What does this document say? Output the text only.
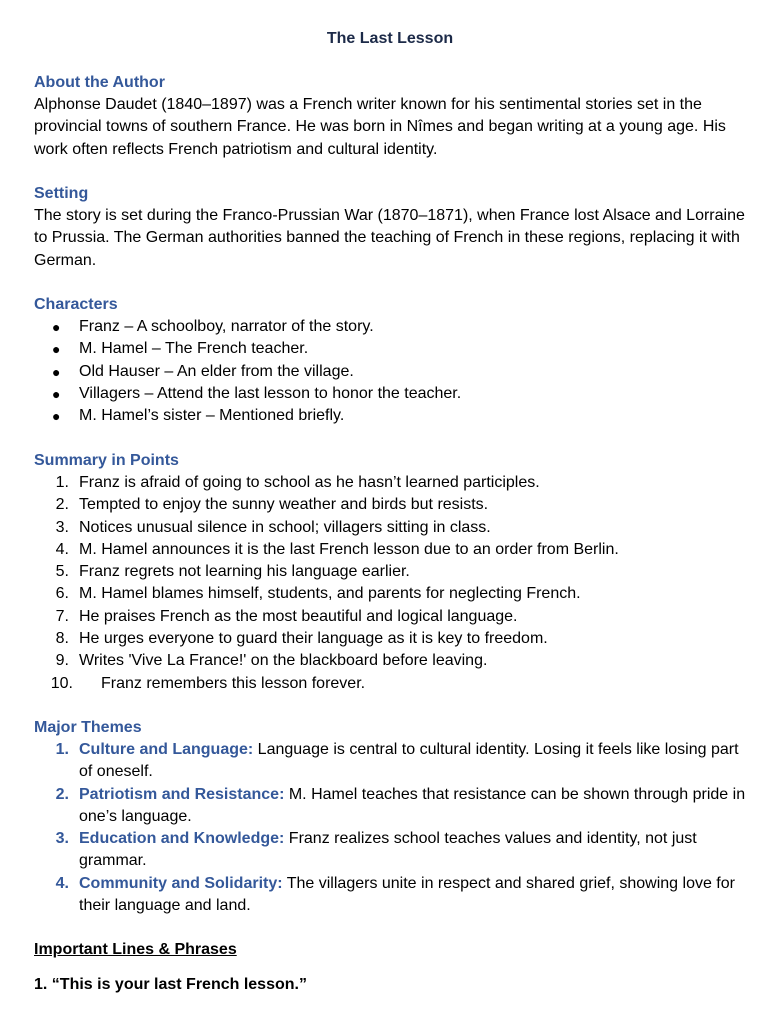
The Last Lesson
About the Author
Alphonse Daudet (1840–1897) was a French writer known for his sentimental stories set in the provincial towns of southern France. He was born in Nîmes and began writing at a young age. His work often reflects French patriotism and cultural identity.
Setting
The story is set during the Franco-Prussian War (1870–1871), when France lost Alsace and Lorraine to Prussia. The German authorities banned the teaching of French in these regions, replacing it with German.
Characters
● Franz – A schoolboy, narrator of the story.
● M. Hamel – The French teacher.
● Old Hauser – An elder from the village.
● Villagers – Attend the last lesson to honor the teacher.
● M. Hamel’s sister – Mentioned briefly.
Summary in Points
1. Franz is afraid of going to school as he hasn’t learned participles.
2. Tempted to enjoy the sunny weather and birds but resists.
3. Notices unusual silence in school; villagers sitting in class.
4. M. Hamel announces it is the last French lesson due to an order from Berlin.
5. Franz regrets not learning his language earlier.
6. M. Hamel blames himself, students, and parents for neglecting French.
7. He praises French as the most beautiful and logical language.
8. He urges everyone to guard their language as it is key to freedom.
9. Writes 'Vive La France!' on the blackboard before leaving.
10. Franz remembers this lesson forever.
Major Themes
1. Culture and Language: Language is central to cultural identity. Losing it feels like losing part of oneself.
2. Patriotism and Resistance: M. Hamel teaches that resistance can be shown through pride in one’s language.
3. Education and Knowledge: Franz realizes school teaches values and identity, not just grammar.
4. Community and Solidarity: The villagers unite in respect and shared grief, showing love for their language and land.
Important Lines & Phrases
1. “This is your last French lesson.”
